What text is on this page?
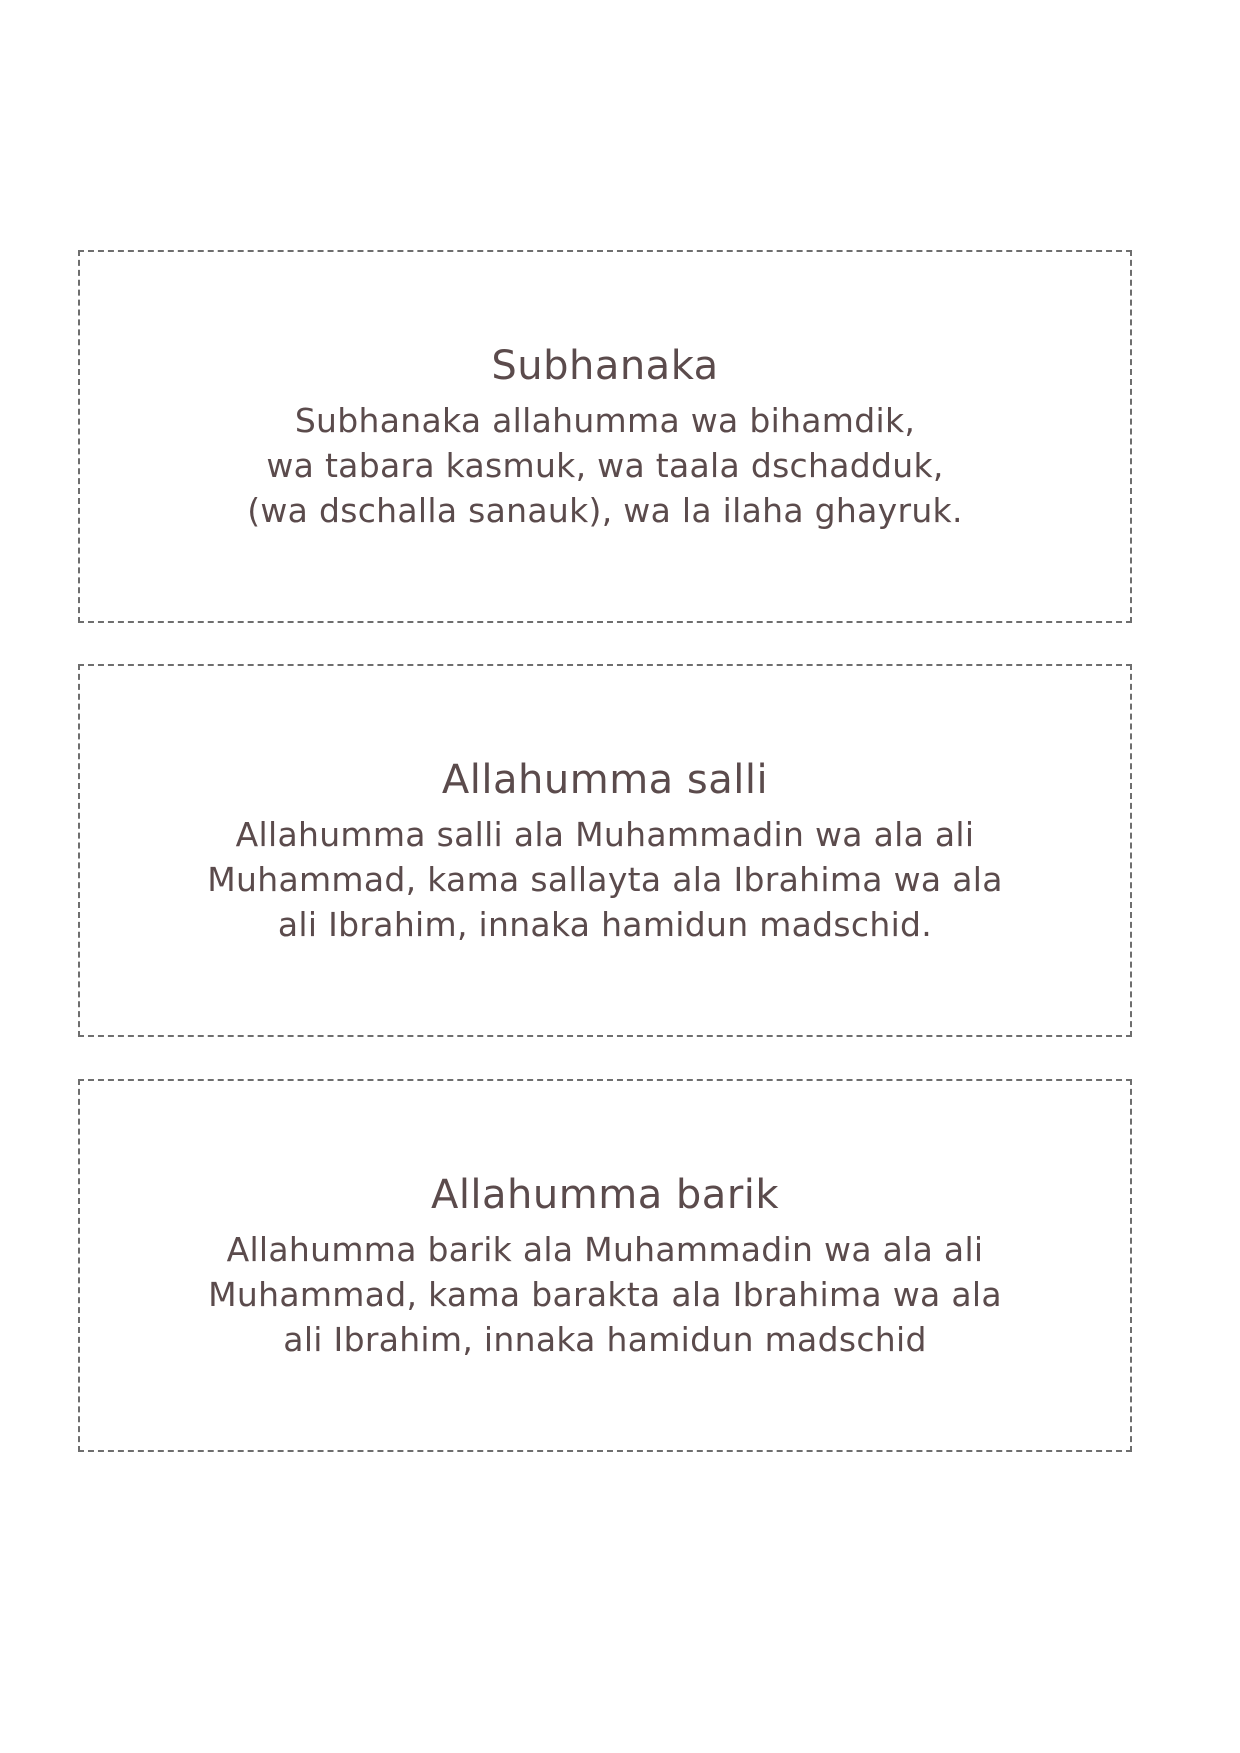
Subhanaka
Subhanaka allahumma wa bihamdik,
wa tabara kasmuk, wa taala dschadduk,
(wa dschalla sanauk), wa la ilaha ghayruk.
Allahumma salli
Allahumma salli ala Muhammadin wa ala ali
Muhammad, kama sallayta ala Ibrahima wa ala
ali Ibrahim, innaka hamidun madschid.
Allahumma barik
Allahumma barik ala Muhammadin wa ala ali
Muhammad, kama barakta ala Ibrahima wa ala
ali Ibrahim, innaka hamidun madschid
